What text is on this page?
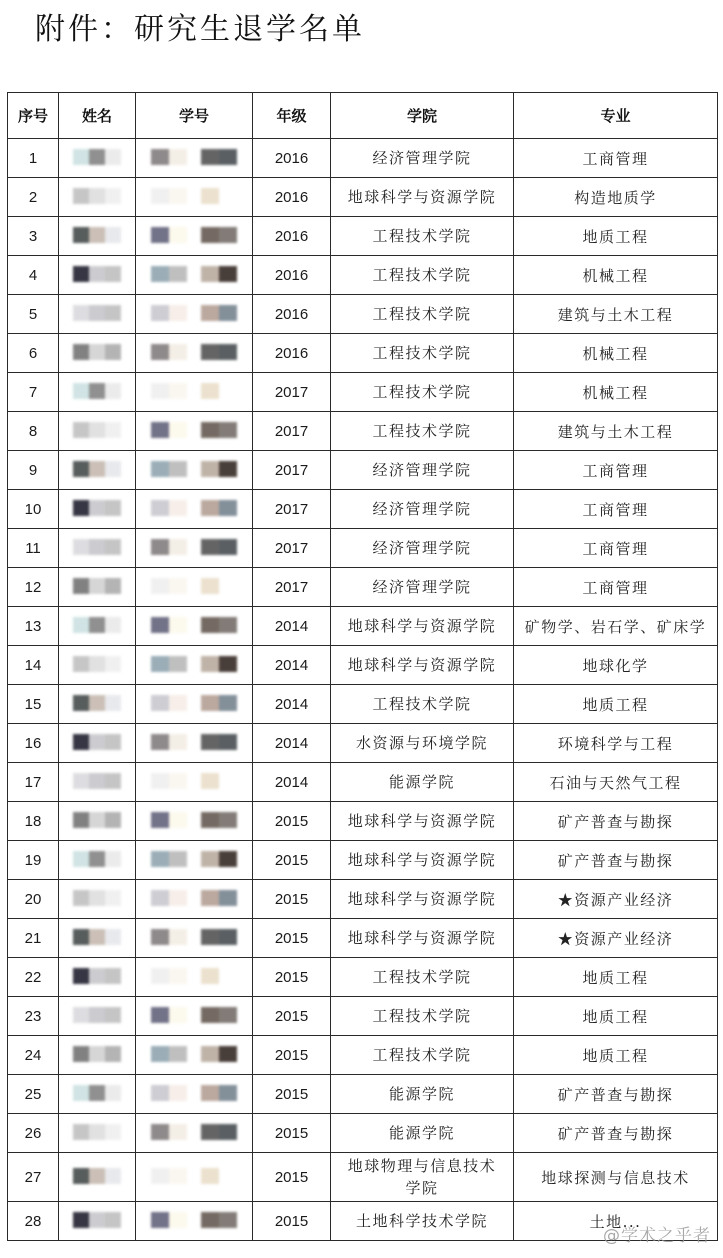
附件：研究生退学名单
序号	姓名	学号	年级	学院	专业
1			2016	经济管理学院	工商管理
2			2016	地球科学与资源学院	构造地质学
3			2016	工程技术学院	地质工程
4			2016	工程技术学院	机械工程
5			2016	工程技术学院	建筑与土木工程
6			2016	工程技术学院	机械工程
7			2017	工程技术学院	机械工程
8			2017	工程技术学院	建筑与土木工程
9			2017	经济管理学院	工商管理
10			2017	经济管理学院	工商管理
11			2017	经济管理学院	工商管理
12			2017	经济管理学院	工商管理
13			2014	地球科学与资源学院	矿物学、岩石学、矿床学
14			2014	地球科学与资源学院	地球化学
15			2014	工程技术学院	地质工程
16			2014	水资源与环境学院	环境科学与工程
17			2014	能源学院	石油与天然气工程
18			2015	地球科学与资源学院	矿产普查与勘探
19			2015	地球科学与资源学院	矿产普查与勘探
20			2015	地球科学与资源学院	★资源产业经济
21			2015	地球科学与资源学院	★资源产业经济
22			2015	工程技术学院	地质工程
23			2015	工程技术学院	地质工程
24			2015	工程技术学院	地质工程
25			2015	能源学院	矿产普查与勘探
26			2015	能源学院	矿产普查与勘探
27			2015	地球物理与信息技术学院	地球探测与信息技术
28			2015	土地科学技术学院	土地...
@学术之乎者
